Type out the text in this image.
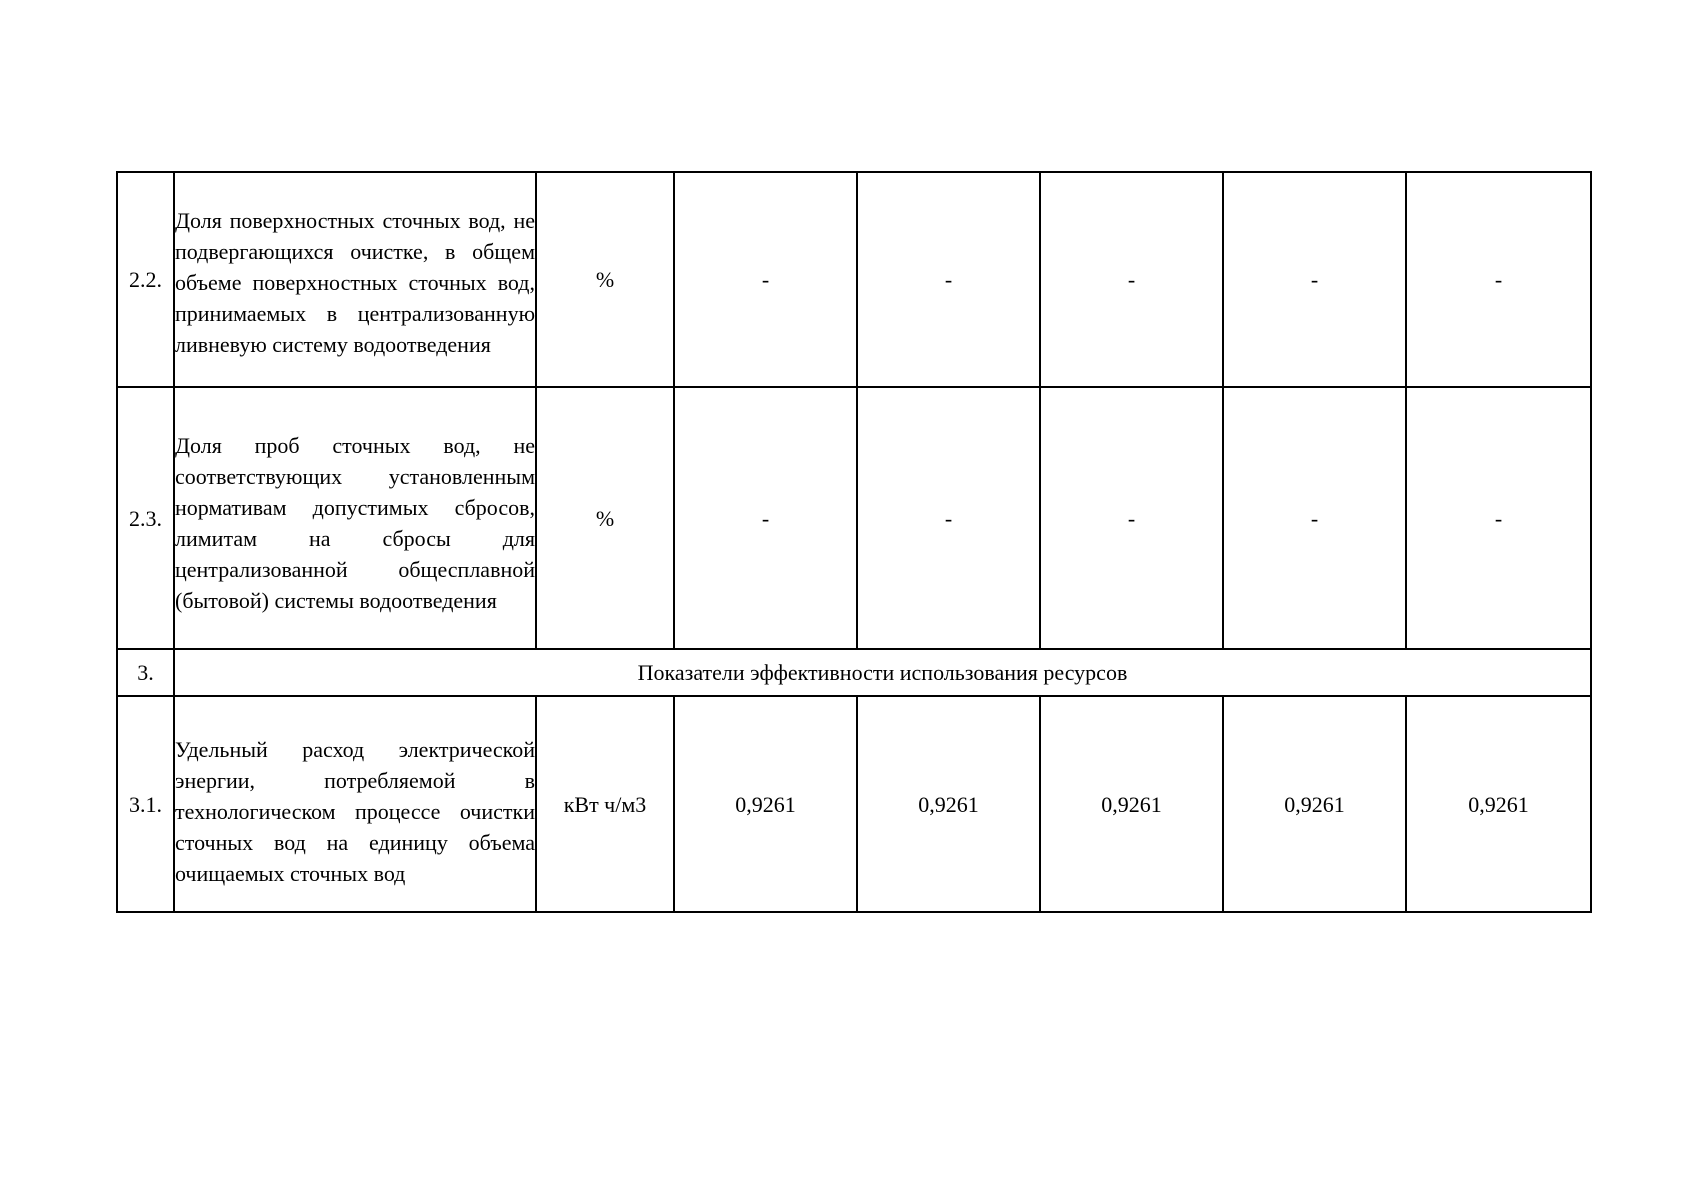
2.2.	Доля поверхностных сточных вод, не подвергающихся очистке, в общем объеме поверхностных сточных вод, принимаемых в централизованную ливневую систему водоотведения	%	-	-	-	-	-
2.3.	Доля проб сточных вод, не соответствующих установленным нормативам допустимых сбросов, лимитам на сбросы для централизованной общесплавной (бытовой) системы водоотведения	%	-	-	-	-	-
3.	Показатели эффективности использования ресурсов						
3.1.	Удельный расход электрической энергии, потребляемой в технологическом процессе очистки сточных вод на единицу объема очищаемых сточных вод	кВт ч/м3	0,9261	0,9261	0,9261	0,9261	0,9261
